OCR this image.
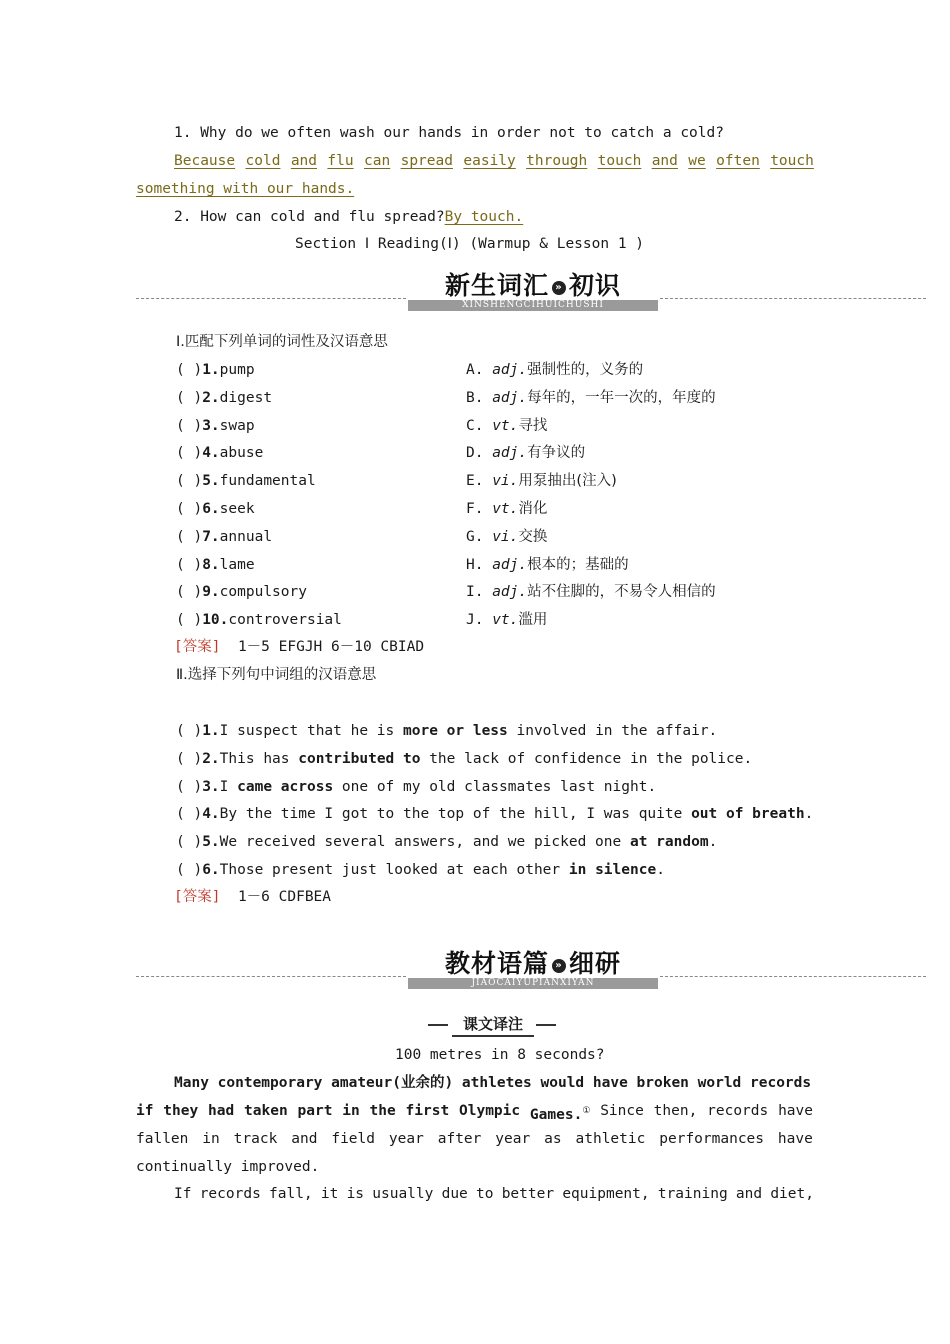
1. Why do we often wash our hands in order not to catch a cold?
Because cold and flu can spread easily through touch and we often touch
something with our hands.
2. How can cold and flu spread?By touch.
Section Ⅰ Reading(Ⅰ) (Warmup & Lesson 1 )
新生词汇 » 初识
XINSHENGCIHUICHUSHI
Ⅰ.匹配下列单词的词性及汉语意思
( )1.pump	A. adj.强制性的，义务的
( )2.digest	B. adj.每年的，一年一次的，年度的
( )3.swap	C. vt.寻找
( )4.abuse	D. adj.有争议的
( )5.fundamental	E. vi.用泵抽出(注入)
( )6.seek	F. vt.消化
( )7.annual	G. vi.交换
( )8.lame	H. adj.根本的；基础的
( )9.compulsory	I. adj.站不住脚的，不易令人相信的
( )10.controversial	J. vt.滥用
[答案] 1－5 EFGJH 6－10 CBIAD
Ⅱ.选择下列句中词组的汉语意思
( )1.I suspect that he is more or less involved in the affair.
( )2.This has contributed to the lack of confidence in the police.
( )3.I came across one of my old classmates last night.
( )4.By the time I got to the top of the hill, I was quite out of breath.
( )5.We received several answers, and we picked one at random.
( )6.Those present just looked at each other in silence.
[答案] 1－6 CDFBEA
教材语篇 » 细研
JIAOCAIYUPIANXIYAN
课文译注
100 metres in 8 seconds?
Many contemporary amateur(业余的) athletes would have broken world records
if they had taken part in the first Olympic Games.① Since then, records have
fallen in track and field year after year as athletic performances have
continually improved.
If records fall, it is usually due to better equipment, training and diet,
